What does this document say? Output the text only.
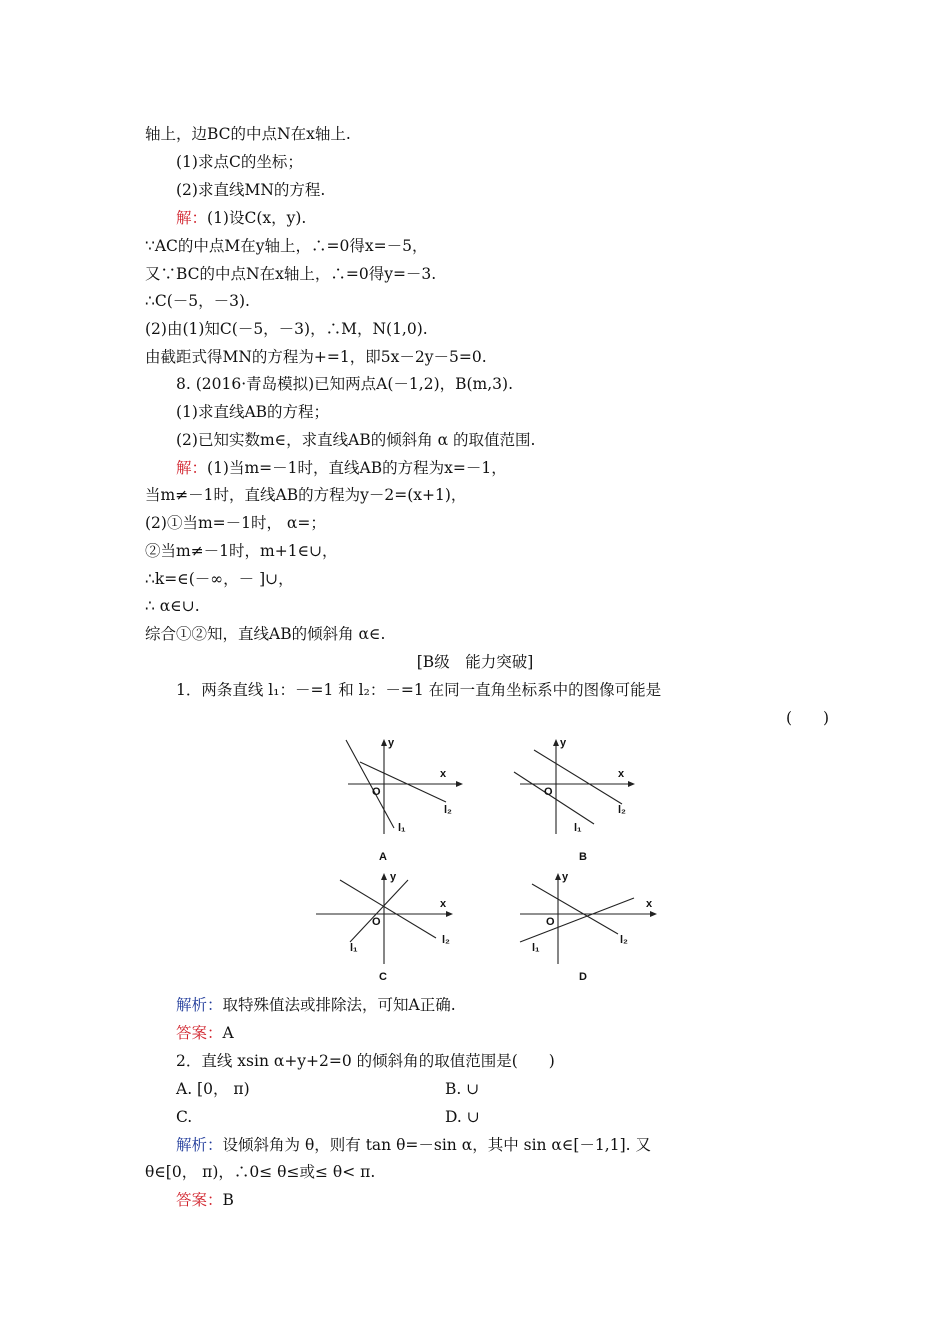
轴上，边BC的中点N在x轴上.
(1)求点C的坐标；
(2)求直线MN的方程.
解：(1)设C(x，y).
∵AC的中点M在y轴上，∴=0得x=－5，
又∵BC的中点N在x轴上，∴=0得y=－3.
∴C(－5，－3).
(2)由(1)知C(－5，－3)，∴M，N(1,0).
由截距式得MN的方程为+=1，即5x－2y－5=0.
8. (2016·青岛模拟)已知两点A(－1,2)，B(m,3).
(1)求直线AB的方程；
(2)已知实数m∈，求直线AB的倾斜角 α 的取值范围.
解：(1)当m=－1时，直线AB的方程为x=－1，
当m≠－1时，直线AB的方程为y－2=(x+1)，
(2)①当m=－1时， α=；
②当m≠－1时，m+1∈∪，
∴k=∈(－∞，－ ]∪，
∴ α∈∪.
综合①②知，直线AB的倾斜角 α∈.
[B级　能力突破]
1．两条直线 l₁：－=1 和 l₂：－=1 在同一直角坐标系中的图像可能是
(　　)
y
x
O
l₂
l₁
A
y
x
O
l₂
l₁
B
y
x
O
l₂
l₁
C
y
x
O
l₂
l₁
D
解析：取特殊值法或排除法，可知A正确.
答案：A
2．直线 xsin α+y+2=0 的倾斜角的取值范围是(　　)
A. [0， π)	B. ∪
C.	D. ∪
解析：设倾斜角为 θ，则有 tan θ=－sin α，其中 sin α∈[－1,1]. 又
θ∈[0， π)，∴0≤ θ≤或≤ θ< π.
答案：B
